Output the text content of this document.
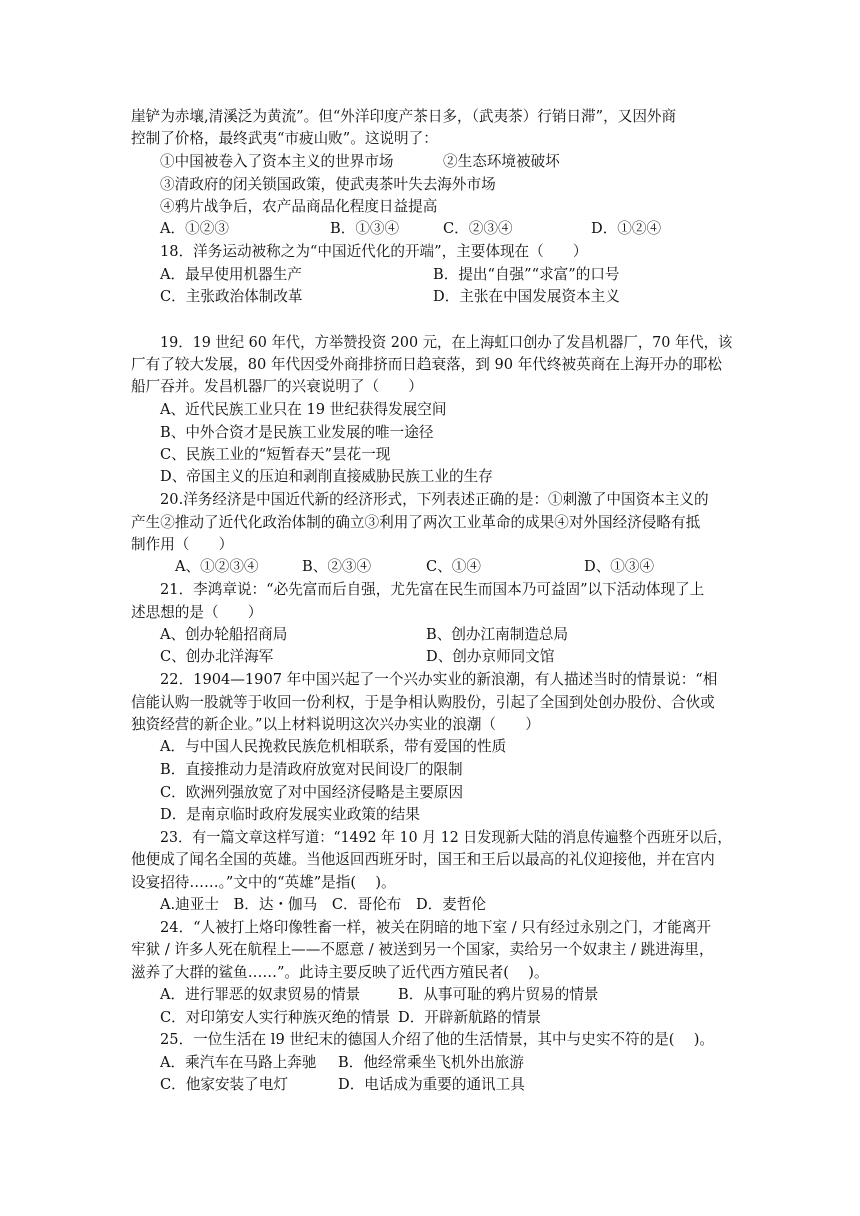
崖铲为赤壤,清溪泛为黄流”。但“外洋印度产茶日多，（武夷茶）行销日滞”，又因外商
控制了价格，最终武夷“市疲山败”。这说明了：
①中国被卷入了资本主义的世界市场	②生态环境被破坏
③清政府的闭关锁国政策，使武夷茶叶失去海外市场
④鸦片战争后，农产品商品化程度日益提高
A．①②③	B．①③④	C．②③④	D．①②④
18．洋务运动被称之为“中国近代化的开端”，主要体现在（　　）
A．最早使用机器生产	B．提出“自强”“求富”的口号
C．主张政治体制改革	D．主张在中国发展资本主义
19．19 世纪 60 年代，方举赞投资 200 元，在上海虹口创办了发昌机器厂，70 年代，该
厂有了较大发展，80 年代因受外商排挤而日趋衰落，到 90 年代终被英商在上海开办的耶松
船厂吞并。发昌机器厂的兴衰说明了（　　）
A、近代民族工业只在 19 世纪获得发展空间
B、中外合资才是民族工业发展的唯一途径
C、民族工业的“短暂春天”昙花一现
D、帝国主义的压迫和剥削直接威胁民族工业的生存
20.洋务经济是中国近代新的经济形式，下列表述正确的是：①刺激了中国资本主义的
产生②推动了近代化政治体制的确立③利用了两次工业革命的成果④对外国经济侵略有抵
制作用（　　）
A、①②③④	B、②③④	C、①④	D、①③④
21．李鸿章说：“必先富而后自强，尤先富在民生而国本乃可益固”以下活动体现了上
述思想的是（　　）
A、创办轮船招商局	B、创办江南制造总局
C、创办北洋海军	D、创办京师同文馆
22．1904—1907 年中国兴起了一个兴办实业的新浪潮，有人描述当时的情景说：“相
信能认购一股就等于收回一份利权，于是争相认购股份，引起了全国到处创办股份、合伙或
独资经营的新企业。”以上材料说明这次兴办实业的浪潮（　　）
A．与中国人民挽救民族危机相联系，带有爱国的性质
B．直接推动力是清政府放宽对民间设厂的限制
C．欧洲列强放宽了对中国经济侵略是主要原因
D．是南京临时政府发展实业政策的结果
23．有一篇文章这样写道：“1492 年 10 月 12 日发现新大陆的消息传遍整个西班牙以后，
他便成了闻名全国的英雄。当他返回西班牙时，国王和王后以最高的礼仪迎接他，并在宫内
设宴招待……。”文中的“英雄”是指(　 )。
A.迪亚士　B．达・伽马　C．哥伦布　D．麦哲伦
24．“人被打上烙印像牲畜一样，被关在阴暗的地下室 / 只有经过永别之门，才能离开
牢狱 / 许多人死在航程上——不愿意 / 被送到另一个国家，卖给另一个奴隶主 / 跳进海里，
滋养了大群的鲨鱼……”。此诗主要反映了近代西方殖民者(　 )。
A．进行罪恶的奴隶贸易的情景	B．从事可耻的鸦片贸易的情景
C．对印第安人实行种族灭绝的情景 D．开辟新航路的情景
25．一位生活在 l9 世纪末的德国人介绍了他的生活情景，其中与史实不符的是(　 )。
A．乘汽车在马路上奔驰 B．他经常乘坐飞机外出旅游
C．他家安装了电灯	D．电话成为重要的通讯工具
